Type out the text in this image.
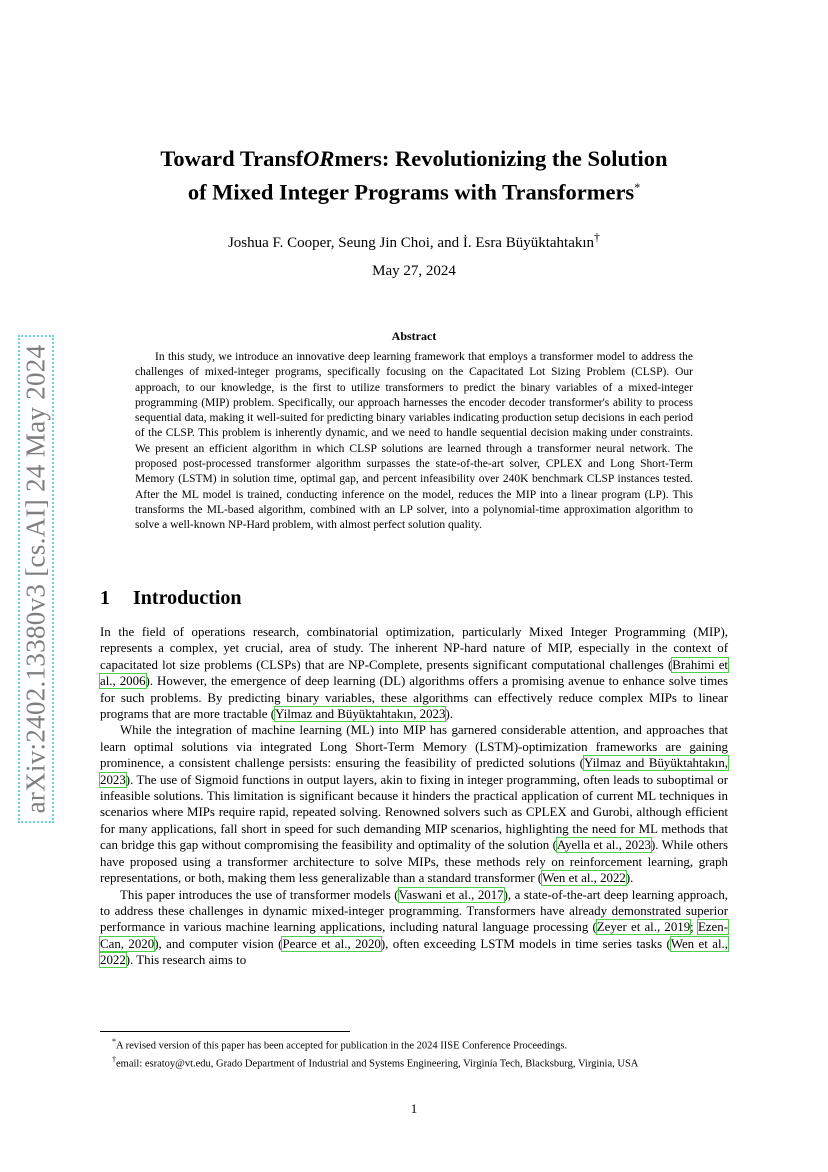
arXiv:2402.13380v3 [cs.AI] 24 May 2024
Toward TransfORmers: Revolutionizing the Solution
of Mixed Integer Programs with Transformers*
Joshua F. Cooper, Seung Jin Choi, and İ. Esra Büyüktahtakın†
May 27, 2024
Abstract

In this study, we introduce an innovative deep learning framework that employs a transformer model to address the challenges of mixed-integer programs, specifically focusing on the Capacitated Lot Sizing Problem (CLSP). Our approach, to our knowledge, is the first to utilize transformers to predict the binary variables of a mixed-integer programming (MIP) problem. Specifically, our approach harnesses the encoder decoder transformer's ability to process sequential data, making it well-suited for predicting binary variables indicating production setup decisions in each period of the CLSP. This problem is inherently dynamic, and we need to handle sequential decision making under constraints. We present an efficient algorithm in which CLSP solutions are learned through a transformer neural network. The proposed post-processed transformer algorithm surpasses the state-of-the-art solver, CPLEX and Long Short-Term Memory (LSTM) in solution time, optimal gap, and percent infeasibility over 240K benchmark CLSP instances tested. After the ML model is trained, conducting inference on the model, reduces the MIP into a linear program (LP). This transforms the ML-based algorithm, combined with an LP solver, into a polynomial-time approximation algorithm to solve a well-known NP-Hard problem, with almost perfect solution quality.

1 Introduction

In the field of operations research, combinatorial optimization, particularly Mixed Integer Programming (MIP), represents a complex, yet crucial, area of study. The inherent NP-hard nature of MIP, especially in the context of capacitated lot size problems (CLSPs) that are NP-Complete, presents significant computational challenges (Brahimi et al., 2006). However, the emergence of deep learning (DL) algorithms offers a promising avenue to enhance solve times for such problems. By predicting binary variables, these algorithms can effectively reduce complex MIPs to linear programs that are more tractable (Yilmaz and Büyüktahtakın, 2023).

While the integration of machine learning (ML) into MIP has garnered considerable attention, and approaches that learn optimal solutions via integrated Long Short-Term Memory (LSTM)-optimization frameworks are gaining prominence, a consistent challenge persists: ensuring the feasibility of predicted solutions (Yilmaz and Büyüktahtakın, 2023). The use of Sigmoid functions in output layers, akin to fixing in integer programming, often leads to suboptimal or infeasible solutions. This limitation is significant because it hinders the practical application of current ML techniques in scenarios where MIPs require rapid, repeated solving. Renowned solvers such as CPLEX and Gurobi, although efficient for many applications, fall short in speed for such demanding MIP scenarios, highlighting the need for ML methods that can bridge this gap without compromising the feasibility and optimality of the solution (Ayella et al., 2023). While others have proposed using a transformer architecture to solve MIPs, these methods rely on reinforcement learning, graph representations, or both, making them less generalizable than a standard transformer (Wen et al., 2022).

This paper introduces the use of transformer models (Vaswani et al., 2017), a state-of-the-art deep learning approach, to address these challenges in dynamic mixed-integer programming. Transformers have already demonstrated superior performance in various machine learning applications, including natural language processing (Zeyer et al., 2019; Ezen-Can, 2020), and computer vision (Pearce et al., 2020), often exceeding LSTM models in time series tasks (Wen et al., 2022). This research aims to

*A revised version of this paper has been accepted for publication in the 2024 IISE Conference Proceedings.

†email: esratoy@vt.edu, Grado Department of Industrial and Systems Engineering, Virginia Tech, Blacksburg, Virginia, USA

1
